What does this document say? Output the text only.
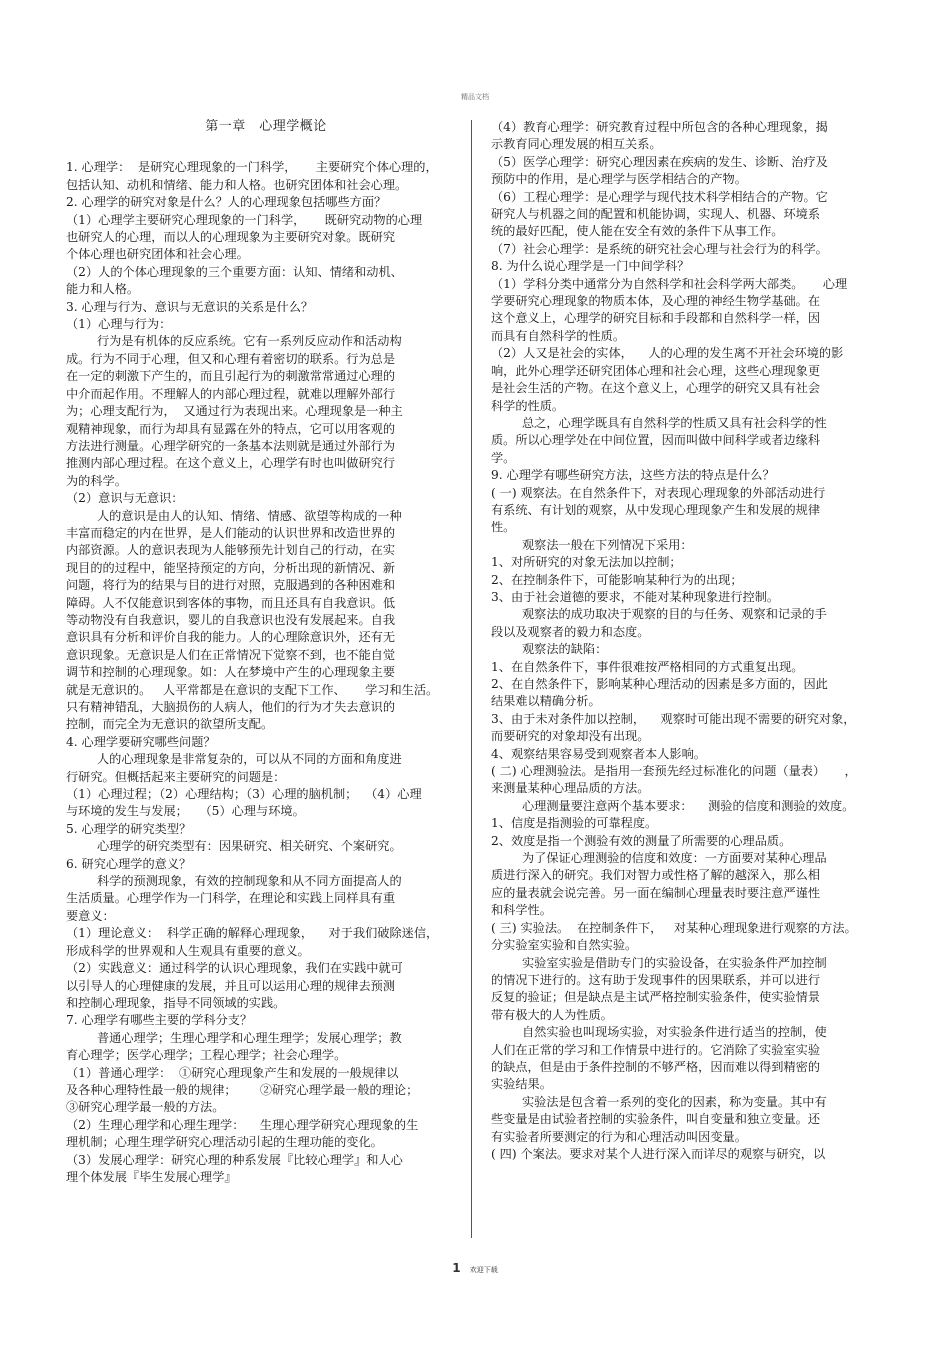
精品文档
第一章　心理学概论
1. 心理学：  是研究心理现象的一门科学，     主要研究个体心理的，
包括认知、动机和情绪、能力和人格。也研究团体和社会心理。
2. 心理学的研究对象是什么？人的心理现象包括哪些方面？
（1）心理学主要研究心理现象的一门科学，     既研究动物的心理
也研究人的心理，而以人的心理现象为主要研究对象。既研究
个体心理也研究团体和社会心理。
（2）人的个体心理现象的三个重要方面：认知、情绪和动机、
能力和人格。
3. 心理与行为、意识与无意识的关系是什么？
（1）心理与行为：
行为是有机体的反应系统。它有一系列反应动作和活动构
成。行为不同于心理，但又和心理有着密切的联系。行为总是
在一定的刺激下产生的，而且引起行为的刺激常常通过心理的
中介而起作用。不理解人的内部心理过程，就难以理解外部行
为；心理支配行为，  又通过行为表现出来。心理现象是一种主
观精神现象，而行为却具有显露在外的特点，它可以用客观的
方法进行测量。心理学研究的一条基本法则就是通过外部行为
推测内部心理过程。在这个意义上，心理学有时也叫做研究行
为的科学。
（2）意识与无意识：
人的意识是由人的认知、情绪、情感、欲望等构成的一种
丰富而稳定的内在世界，是人们能动的认识世界和改造世界的
内部资源。人的意识表现为人能够预先计划自己的行动，在实
现目的的过程中，能坚持预定的方向，分析出现的新情况、新
问题，将行为的结果与目的进行对照，克服遇到的各种困难和
障碍。人不仅能意识到客体的事物，而且还具有自我意识。低
等动物没有自我意识，婴儿的自我意识也没有发展起来。自我
意识具有分析和评价自我的能力。人的心理除意识外，还有无
意识现象。无意识是人们在正常情况下觉察不到，也不能自觉
调节和控制的心理现象。如：人在梦境中产生的心理现象主要
就是无意识的。   人平常都是在意识的支配下工作、     学习和生活。
只有精神错乱，大脑损伤的人病人，他们的行为才失去意识的
控制，而完全为无意识的欲望所支配。
4. 心理学要研究哪些问题？
人的心理现象是非常复杂的，可以从不同的方面和角度进
行研究。但概括起来主要研究的问题是：
（1）心理过程；（2）心理结构；（3）心理的脑机制；  （4）心理
与环境的发生与发展；   （5）心理与环境。
5. 心理学的研究类型？
心理学的研究类型有：因果研究、相关研究、个案研究。
6. 研究心理学的意义？
科学的预测现象，有效的控制现象和从不同方面提高人的
生活质量。心理学作为一门科学，在理论和实践上同样具有重
要意义：
（1）理论意义：  科学正确的解释心理现象，    对于我们破除迷信，
形成科学的世界观和人生观具有重要的意义。
（2）实践意义：通过科学的认识心理现象，我们在实践中就可
以引导人的心理健康的发展，并且可以运用心理的规律去预测
和控制心理现象，指导不同领域的实践。
7. 心理学有哪些主要的学科分支？
普通心理学；生理心理学和心理生理学；发展心理学；教
育心理学；医学心理学；工程心理学；社会心理学。
（1）普通心理学：  ①研究心理现象产生和发展的一般规律以
及各种心理特性最一般的规律；      ②研究心理学最一般的理论；
③研究心理学最一般的方法。
（2）生理心理学和心理生理学：    生理心理学研究心理现象的生
理机制；心理生理学研究心理活动引起的生理功能的变化。
（3）发展心理学：研究心理的种系发展『比较心理学』和人心
理个体发展『毕生发展心理学』
（4）教育心理学：研究教育过程中所包含的各种心理现象，揭
示教育同心理发展的相互关系。
（5）医学心理学：研究心理因素在疾病的发生、诊断、治疗及
预防中的作用，是心理学与医学相结合的产物。
（6）工程心理学：是心理学与现代技术科学相结合的产物。它
研究人与机器之间的配置和机能协调，实现人、机器、环境系
统的最好匹配，使人能在安全有效的条件下从事工作。
（7）社会心理学：是系统的研究社会心理与社会行为的科学。
8. 为什么说心理学是一门中间学科？
（1）学科分类中通常分为自然科学和社会科学两大部类。     心理
学要研究心理现象的物质本体，及心理的神经生物学基础。在
这个意义上，心理学的研究目标和手段都和自然科学一样，因
而具有自然科学的性质。
（2）人又是社会的实体，    人的心理的发生离不开社会环境的影
响，此外心理学还研究团体心理和社会心理，这些心理现象更
是社会生活的产物。在这个意义上，心理学的研究又具有社会
科学的性质。
总之，心理学既具有自然科学的性质又具有社会科学的性
质。所以心理学处在中间位置，因而叫做中间科学或者边缘科
学。
9. 心理学有哪些研究方法，这些方法的特点是什么？
( 一) 观察法。在自然条件下，对表现心理现象的外部活动进行
有系统、有计划的观察，从中发现心理现象产生和发展的规律
性。
观察法一般在下列情况下采用：
1、对所研究的对象无法加以控制；
2、在控制条件下，可能影响某种行为的出现；
3、由于社会道德的要求，不能对某种现象进行控制。
观察法的成功取决于观察的目的与任务、观察和记录的手
段以及观察者的毅力和态度。
观察法的缺陷：
1、在自然条件下，事件很难按严格相同的方式重复出现。
2、在自然条件下，影响某种心理活动的因素是多方面的，因此
结果难以精确分析。
3、由于未对条件加以控制，    观察时可能出现不需要的研究对象，
而要研究的对象却没有出现。
4、观察结果容易受到观察者本人影响。
( 二) 心理测验法。是指用一套预先经过标准化的问题（量表）     ，
来测量某种心理品质的方法。
心理测量要注意两个基本要求：    测验的信度和测验的效度。
1、信度是指测验的可靠程度。
2、效度是指一个测验有效的测量了所需要的心理品质。
为了保证心理测验的信度和效度：一方面要对某种心理品
质进行深入的研究。我们对智力或性格了解的越深入，那么相
应的量表就会说完善。另一面在编制心理量表时要注意严谨性
和科学性。
( 三) 实验法。  在控制条件下，   对某种心理现象进行观察的方法。
分实验室实验和自然实验。
实验室实验是借助专门的实验设备，在实验条件严加控制
的情况下进行的。这有助于发现事件的因果联系，并可以进行
反复的验证；但是缺点是主试严格控制实验条件，使实验情景
带有极大的人为性质。
自然实验也叫现场实验，对实验条件进行适当的控制，使
人们在正常的学习和工作情景中进行的。它消除了实验室实验
的缺点，但是由于条件控制的不够严格，因而难以得到精密的
实验结果。
实验法是包含着一系列的变化的因素，称为变量。其中有
些变量是由试验者控制的实验条件，叫自变量和独立变量。还
有实验者所要测定的行为和心理活动叫因变量。
( 四) 个案法。要求对某个人进行深入而详尽的观察与研究，以
1 欢迎下载
